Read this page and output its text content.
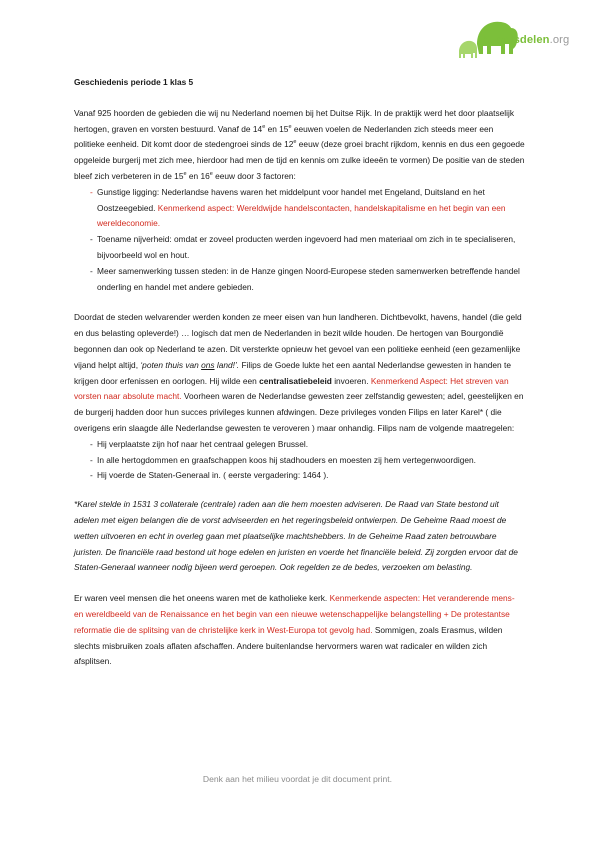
Kennisdelen.org

Geschiedenis periode 1 klas 5

Vanaf 925 hoorden de gebieden die wij nu Nederland noemen bij het Duitse Rijk. In de praktijk werd het door plaatselijk hertogen, graven en vorsten bestuurd. Vanaf de 14e en 15e eeuwen voelen de Nederlanden zich steeds meer een politieke eenheid. Dit komt door de stedengroei sinds de 12e eeuw (deze groei bracht rijkdom, kennis en dus een gegoede opgeleide burgerij met zich mee, hierdoor had men de tijd en kennis om zulke ideeën te vormen) De positie van de steden bleef zich verbeteren in de 15e en 16e eeuw door 3 factoren:

- Gunstige ligging: Nederlandse havens waren het middelpunt voor handel met Engeland, Duitsland en het Oostzeegebied. Kenmerkend aspect: Wereldwijde handelscontacten, handelskapitalisme en het begin van een wereldeconomie.
- Toename nijverheid: omdat er zoveel producten werden ingevoerd had men materiaal om zich in te specialiseren, bijvoorbeeld wol en hout.
- Meer samenwerking tussen steden: in de Hanze gingen Noord-Europese steden samenwerken betreffende handel onderling en handel met andere gebieden.

Doordat de steden welvarender werden konden ze meer eisen van hun landheren. Dichtbevolkt, havens, handel (die geld en dus belasting opleverde!) … logisch dat men de Nederlanden in bezit wilde houden. De hertogen van Bourgondië begonnen dan ook op Nederland te azen. Dit versterkte opnieuw het gevoel van een politieke eenheid (een gezamenlijke vijand helpt altijd, ‘poten thuis van ons land!’. Filips de Goede lukte het een aantal Nederlandse gewesten in handen te krijgen door erfenissen en oorlogen. Hij wilde een centralisatiebeleid invoeren. Kenmerkend Aspect: Het streven van vorsten naar absolute macht. Voorheen waren de Nederlandse gewesten zeer zelfstandig gewesten; adel, geestelijken en de burgerij hadden door hun succes privileges kunnen afdwingen. Deze privileges vonden Filips en later Karel* ( die overigens erin slaagde álle Nederlandse gewesten te veroveren ) maar onhandig. Filips nam de volgende maatregelen:

- Hij verplaatste zijn hof naar het centraal gelegen Brussel.
- In alle hertogdommen en graafschappen koos hij stadhouders en moesten zij hem vertegenwoordigen.
- Hij voerde de Staten-Generaal in. ( eerste vergadering: 1464 ).

*Karel stelde in 1531 3 collaterale (centrale) raden aan die hem moesten adviseren. De Raad van State bestond uit adelen met eigen belangen die de vorst adviseerden en het regeringsbeleid ontwierpen. De Geheime Raad moest de wetten uitvoeren en echt in overleg gaan met plaatselijke machtshebbers. In de Geheime Raad zaten betrouwbare juristen. De financiële raad bestond uit hoge edelen en juristen en voerde het financiële beleid. Zij zorgden ervoor dat de Staten-Generaal wanneer nodig bijeen werd geroepen. Ook regelden ze de bedes, verzoeken om belasting.

Er waren veel mensen die het oneens waren met de katholieke kerk. Kenmerkende aspecten: Het veranderende mens- en wereldbeeld van de Renaissance en het begin van een nieuwe wetenschappelijke belangstelling + De protestantse reformatie die de splitsing van de christelijke kerk in West-Europa tot gevolg had. Sommigen, zoals Erasmus, wilden slechts misbruiken zoals aflaten afschaffen. Andere buitenlandse hervormers waren wat radicaler en wilden zich afsplitsen.

Denk aan het milieu voordat je dit document print.
